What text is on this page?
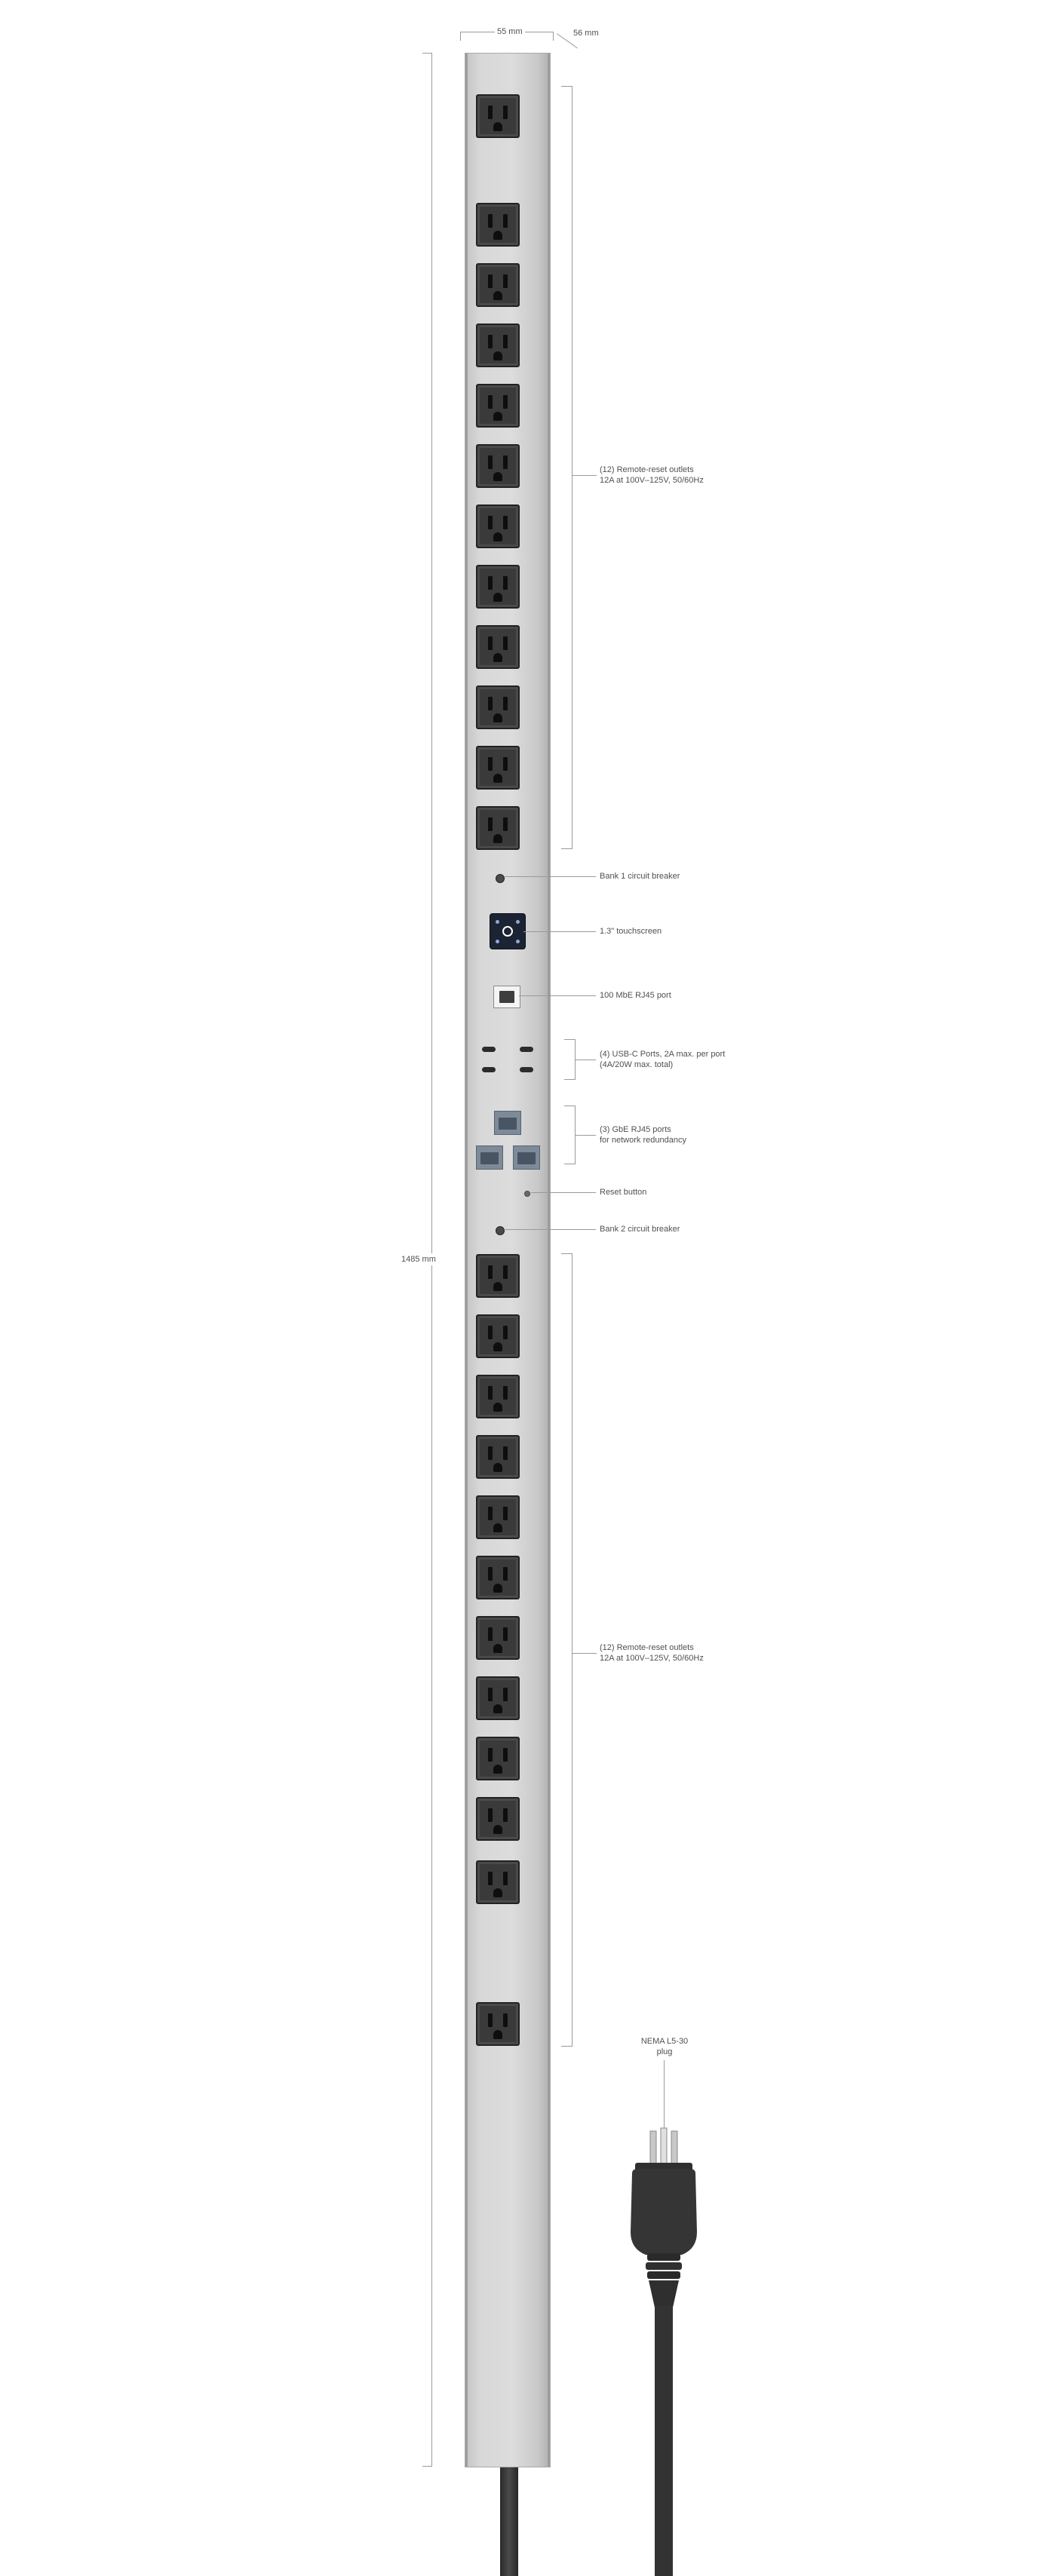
55 mm	56 mm
1485 mm
(12) Remote-reset outlets
12A at 100V–125V, 50/60Hz
Bank 1 circuit breaker
1.3" touchscreen
100 MbE RJ45 port
(4) USB-C Ports, 2A max. per port
(4A/20W max. total)
(3) GbE RJ45 ports
for network redundancy
Reset button
Bank 2 circuit breaker
(12) Remote-reset outlets
12A at 100V–125V, 50/60Hz
NEMA L5-30
plug
